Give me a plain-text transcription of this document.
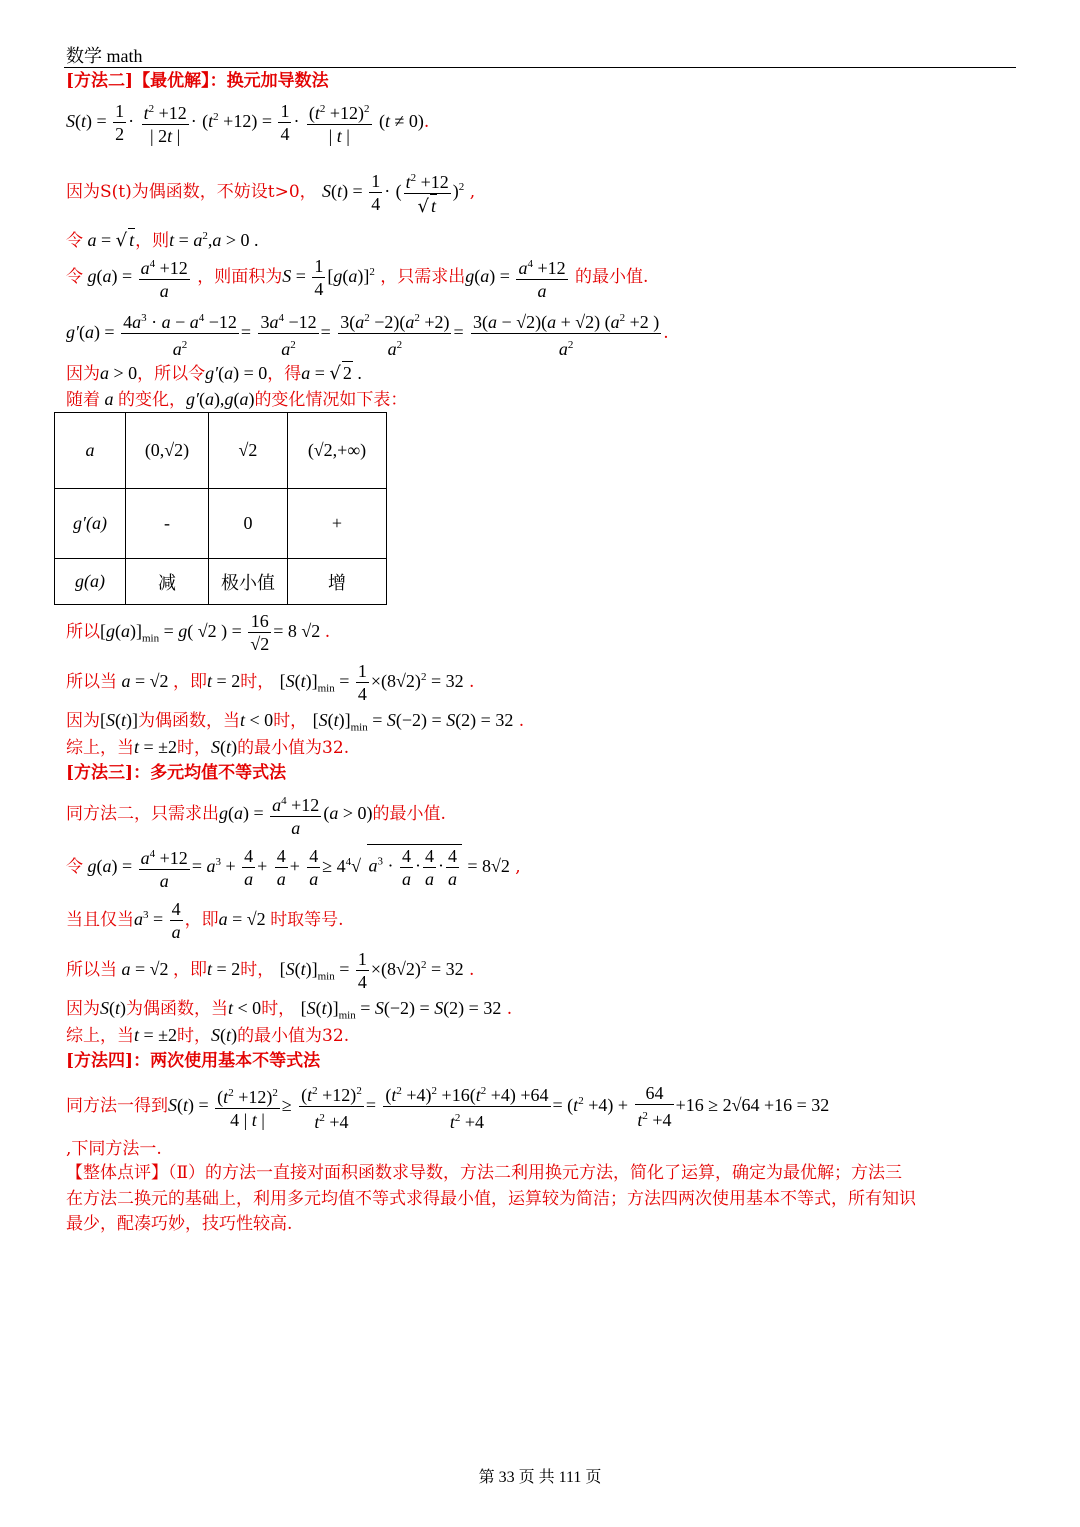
数学 math
[方法二]【最优解】：换元加导数法
$S(t) = \frac{1}{2} \cdot \frac{t^2 +12}{| 2t |} \cdot (t^2 +12) = \frac{1}{4} \cdot \frac{(t^2 +12)^2}{| t |} (t \ne 0)$.
因为S(t)为偶函数，不妨设t>0， $S(t) = \frac{1}{4}$ · ( $\frac{t^2 +12}{√ t} )^2$ ,
令 a = √ t，则$t = a^2,a > 0$ .
令 $g(a) = \frac{a^4 +12}{a}$ ，则面积为$S = \frac{1}{4} [g(a)]^2$ ，只需求出$g(a) = \frac{a^4 +12}{a}$ 的最小值.
$g'(a) = \frac{4a^3 \cdot a - a^4 -12}{a^2} = \frac{3a^4 -12}{a^2} = \frac{3(a^2 -2)(a^2 +2)}{a^2} = \frac{3(a - √2)(a + √2) (a^2 +2 )}{a^2}$ .
因为a > 0，所以令g′(a) = 0，得a = √ 2 .
随着 a 的变化，g′(a),g(a)的变化情况如下表：
a	(0,√2)	√2	(√2,+∞)
g′(a)	-	0	+
g(a)	减	极小值	增
所以$[g(a)]_{min} = g$( √2 ) = $\frac{16}{√2} = 8$ √2 .
所以当 a = √2 ，即t = 2时， $[S(t)]_{min} = \frac{1}{4} \times(8√2)^2 = 32$ .
因为[S(t)]为偶函数，当t < 0时， $[S(t)]_{min} = S(-2) = S(2) = 32$ .
综上，当t = ±2时，S(t)的最小值为32.
[方法三]：多元均值不等式法
同方法二，只需求出$g(a) = \frac{a^4 +12}{a} (a > 0)$的最小值.
令 $g(a) = \frac{a^4 +12}{a} = a^3 + \frac{4}{a} + \frac{4}{a} + \frac{4}{a} \ge 4^4√$ $a^3 \cdot \frac{4}{a} \cdot \frac{4}{a} \cdot \frac{4}{a} = 8√2$ ,
当且仅当$a^3 = \frac{4}{a}$ ，即a = √2 时取等号.
所以当 a = √2 ，即t = 2时， $[S(t)]_{min} = \frac{1}{4} \times(8√2)^2 = 32$ .
因为S(t)为偶函数，当t < 0时， $[S(t)]_{min} = S(-2) = S(2) = 32$ .
综上，当t = ±2时，S(t)的最小值为32.
[方法四]：两次使用基本不等式法
同方法一得到$S(t) = \frac{(t^2 +12)^2}{4 | t |} \ge \frac{(t^2 +12)^2}{t^2 +4} = \frac{(t^2 +4)^2 +16(t^2 +4) +64}{t^2 +4} = (t^2 +4) + \frac{64}{t^2 +4} +16 \ge 2√64 +16 = 32$
,下同方法一.
【整体点评】（Ⅱ）的方法一直接对面积函数求导数，方法二利用换元方法，简化了运算，确定为最优解；方法三
在方法二换元的基础上，利用多元均值不等式求得最小值，运算较为简洁；方法四两次使用基本不等式，所有知识
最少，配凑巧妙，技巧性较高.
第 33 页 共 111 页
